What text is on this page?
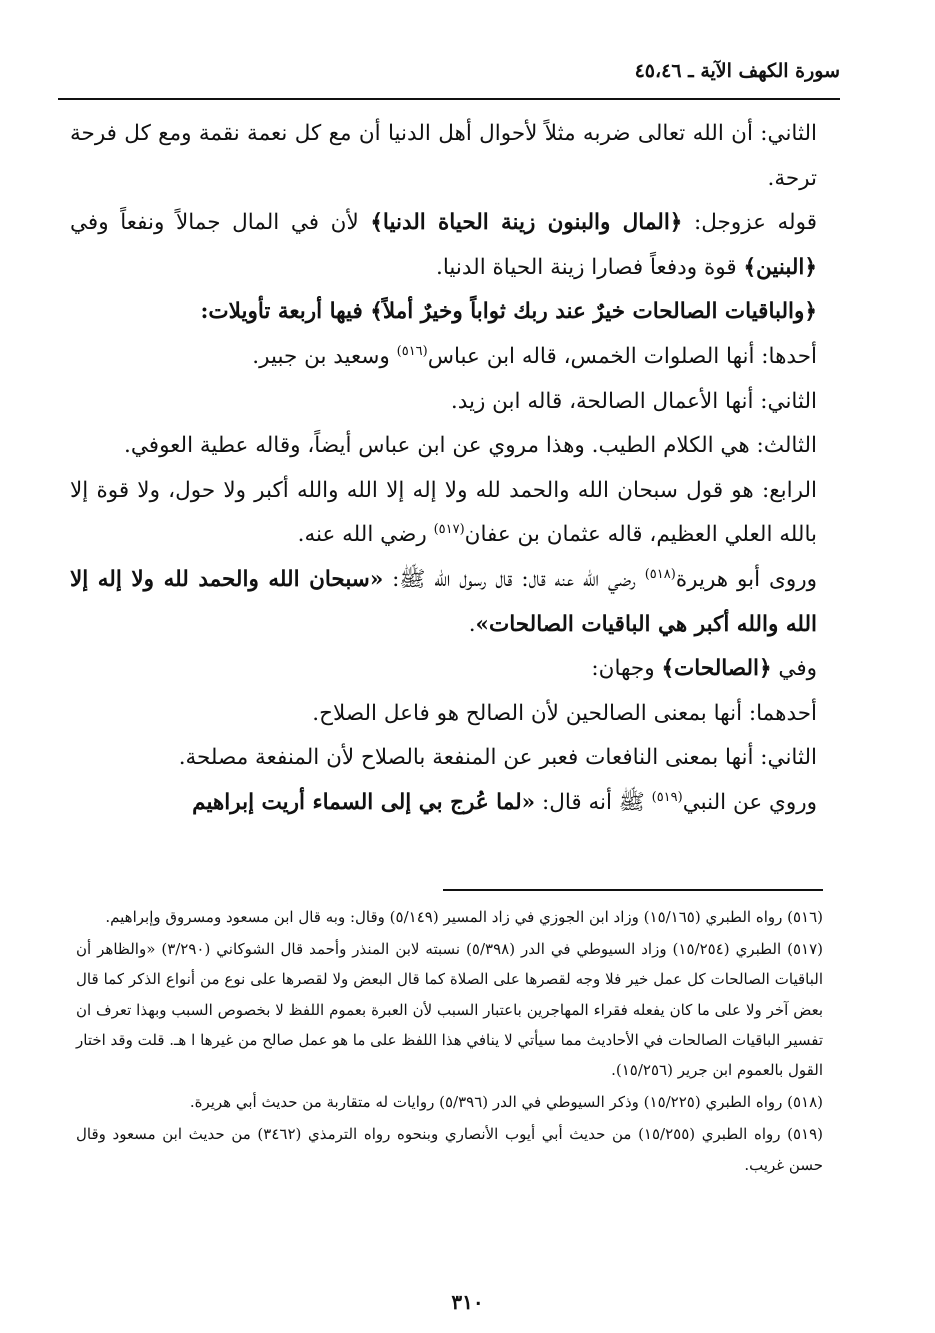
سورة الكهف الآية ـ ٤٥،٤٦

الثاني: أن الله تعالى ضربه مثلاً لأحوال أهل الدنيا أن مع كل نعمة نقمة ومع كل فرحة ترحة.

قوله عزوجل: ﴿المال والبنون زينة الحياة الدنيا﴾ لأن في المال جمالاً ونفعاً وفي ﴿البنين﴾ قوة ودفعاً فصارا زينة الحياة الدنيا.

﴿والباقيات الصالحات خيرٌ عند ربك ثواباً وخيرٌ أملاً﴾ فيها أربعة تأويلات:

أحدها: أنها الصلوات الخمس، قاله ابن عباس$^{(٥١٦)}$ وسعيد بن جبير.

الثاني: أنها الأعمال الصالحة، قاله ابن زيد.

الثالث: هي الكلام الطيب. وهذا مروي عن ابن عباس أيضاً، وقاله عطية العوفي.

الرابع: هو قول سبحان الله والحمد لله ولا إله إلا الله والله أكبر ولا حول، ولا قوة إلا بالله العلي العظيم، قاله عثمان بن عفان$^{(٥١٧)}$ رضي الله عنه.

وروى أبو هريرة$^{(٥١٨)}$ رضي الله عنه قال: قال رسول الله ﷺ: «سبحان الله والحمد لله ولا إله إلا الله والله أكبر هي الباقيات الصالحات».

وفي ﴿الصالحات﴾ وجهان:

أحدهما: أنها بمعنى الصالحين لأن الصالح هو فاعل الصلاح.

الثاني: أنها بمعنى النافعات فعبر عن المنفعة بالصلاح لأن المنفعة مصلحة.

وروي عن النبي$^{(٥١٩)}$ ﷺ أنه قال: «لما عُرج بي إلى السماء أريت إبراهيم

(٥١٦) رواه الطبري (١٥/١٦٥) وزاد ابن الجوزي في زاد المسير (٥/١٤٩) وقال: وبه قال ابن مسعود ومسروق وإبراهيم.

(٥١٧) الطبري (١٥/٢٥٤) وزاد السيوطي في الدر (٥/٣٩٨) نسبته لابن المنذر وأحمد قال الشوكاني (٣/٢٩٠) «والظاهر أن الباقيات الصالحات كل عمل خير فلا وجه لقصرها على الصلاة كما قال البعض ولا لقصرها على نوع من أنواع الذكر كما قال بعض آخر ولا على ما كان يفعله فقراء المهاجرين باعتبار السبب لأن العبرة بعموم اللفظ لا بخصوص السبب وبهذا تعرف ان تفسير الباقيات الصالحات في الأحاديث مما سيأتي لا ينافي هذا اللفظ على ما هو عمل صالح من غيرها ا هـ. قلت وقد اختار القول بالعموم ابن جرير (١٥/٢٥٦).

(٥١٨) رواه الطبري (١٥/٢٢٥) وذكر السيوطي في الدر (٥/٣٩٦) روايات له متقاربة من حديث أبي هريرة.

(٥١٩) رواه الطبري (١٥/٢٥٥) من حديث أبي أيوب الأنصاري وبنحوه رواه الترمذي (٣٤٦٢) من حديث ابن مسعود وقال حسن غريب.

٣١٠
